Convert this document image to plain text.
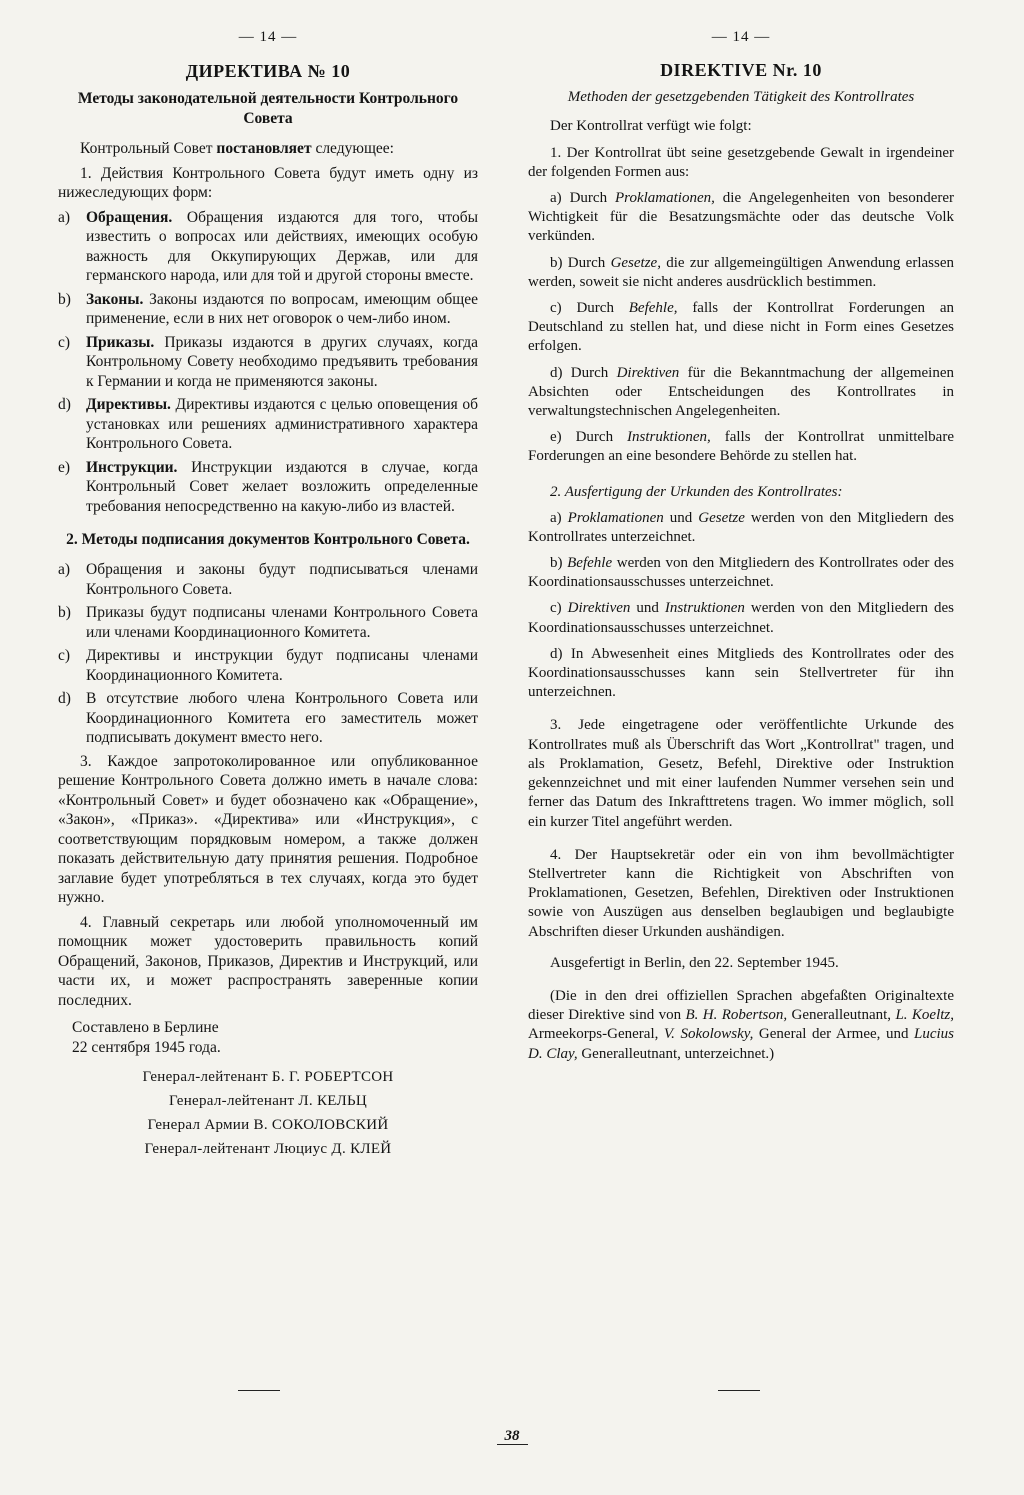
— 14 —
ДИРЕКТИВА № 10
Методы законодательной деятельности Контрольного Совета

Контрольный Совет постановляет следующее:

1. Действия Контрольного Совета будут иметь одну из нижеследующих форм:

a)	Обращения. Обращения издаются для того, чтобы известить о вопросах или действиях, имеющих особую важность для Оккупирующих Держав, или для германского народа, или для той и другой стороны вместе.
b) Законы. Законы издаются по вопросам, имеющим общее применение, если в них нет оговорок о чем-либо ином.
c)	Приказы. Приказы издаются в других случаях, когда Контрольному Совету необходимо предъявить требования к Германии и когда не применяются законы.
d) Директивы. Директивы издаются с целью оповещения об установках или решениях административного характера Контрольного Совета.
e)	Инструкции. Инструкции издаются в случае, когда Контрольный Совет желает возложить определенные требования непосредственно на какую-либо из властей.
2. Методы подписания документов Контрольного Совета.
a)	Обращения и законы будут подписываться членами Контрольного Совета.
b) Приказы будут подписаны членами Контрольного Совета или членами Координационного Комитета.
c)	Директивы и инструкции будут подписаны членами Координационного Комитета.
d) В отсутствие любого члена Контрольного Совета или Координационного Комитета его заместитель может подписывать документ вместо него.

3. Каждое запротоколированное или опубликованное решение Контрольного Совета должно иметь в начале слова: «Контрольный Совет» и будет обозначено как «Обращение», «Закон», «Приказ». «Директива» или «Инструкция», с соответствующим порядковым номером, а также должен показать действительную дату принятия решения. Подробное заглавие будет употребляться в тех случаях, когда это будет нужно.

4. Главный секретарь или любой уполномоченный им помощник может удостоверить правильность копий Обращений, Законов, Приказов, Директив и Инструкций, или части их, и может распространять заверенные копии последних.

Составлено в Берлине
22 сентября 1945 года.
Генерал-лейтенант Б. Г. РОБЕРТСОН
Генерал-лейтенант Л. КЕЛЬЦ
Генерал Армии В. СОКОЛОВСКИЙ
Генерал-лейтенант Люциус Д. КЛЕЙ
— 14 —
DIREKTIVE Nr. 10
Methoden der gesetzgebenden Tätigkeit des Kontrollrates

Der Kontrollrat verfügt wie folgt:

1. Der Kontrollrat übt seine gesetzgebende Gewalt in irgendeiner der folgenden Formen aus:

a) Durch Proklamationen, die Angelegenheiten von besonderer Wichtigkeit für die Besatzungsmächte oder das deutsche Volk verkünden.

b) Durch Gesetze, die zur allgemeingültigen Anwendung erlassen werden, soweit sie nicht anderes ausdrücklich bestimmen.

c) Durch Befehle, falls der Kontrollrat Forderungen an Deutschland zu stellen hat, und diese nicht in Form eines Gesetzes erfolgen.

d) Durch Direktiven für die Bekanntmachung der allgemeinen Absichten oder Entscheidungen des Kontrollrates in verwaltungstechnischen Angelegenheiten.

e) Durch Instruktionen, falls der Kontrollrat unmittelbare Forderungen an eine besondere Behörde zu stellen hat.

2. Ausfertigung der Urkunden des Kontrollrates:

a) Proklamationen und Gesetze werden von den Mitgliedern des Kontrollrates unterzeichnet.

b) Befehle werden von den Mitgliedern des Kontrollrates oder des Koordinationsausschusses unterzeichnet.

c) Direktiven und Instruktionen werden von den Mitgliedern des Koordinationsausschusses unterzeichnet.

d) In Abwesenheit eines Mitglieds des Kontrollrates oder des Koordinationsausschusses kann sein Stellvertreter für ihn unterzeichnen.

3. Jede eingetragene oder veröffentlichte Urkunde des Kontrollrates muß als Überschrift das Wort „Kontrollrat" tragen, und als Proklamation, Gesetz, Befehl, Direktive oder Instruktion gekennzeichnet und mit einer laufenden Nummer versehen sein und ferner das Datum des Inkrafttretens tragen. Wo immer möglich, soll ein kurzer Titel angeführt werden.

4. Der Hauptsekretär oder ein von ihm bevollmächtigter Stellvertreter kann die Richtigkeit von Abschriften von Proklamationen, Gesetzen, Befehlen, Direktiven oder Instruktionen sowie von Auszügen aus denselben beglaubigen und beglaubigte Abschriften dieser Urkunden aushändigen.

Ausgefertigt in Berlin, den 22. September 1945.

(Die in den drei offiziellen Sprachen abgefaßten Originaltexte dieser Direktive sind von B. H. Robertson, Generalleutnant, L. Koeltz, Armeekorps-General, V. Sokolowsky, General der Armee, und Lucius D. Clay, Generalleutnant, unterzeichnet.)

38
